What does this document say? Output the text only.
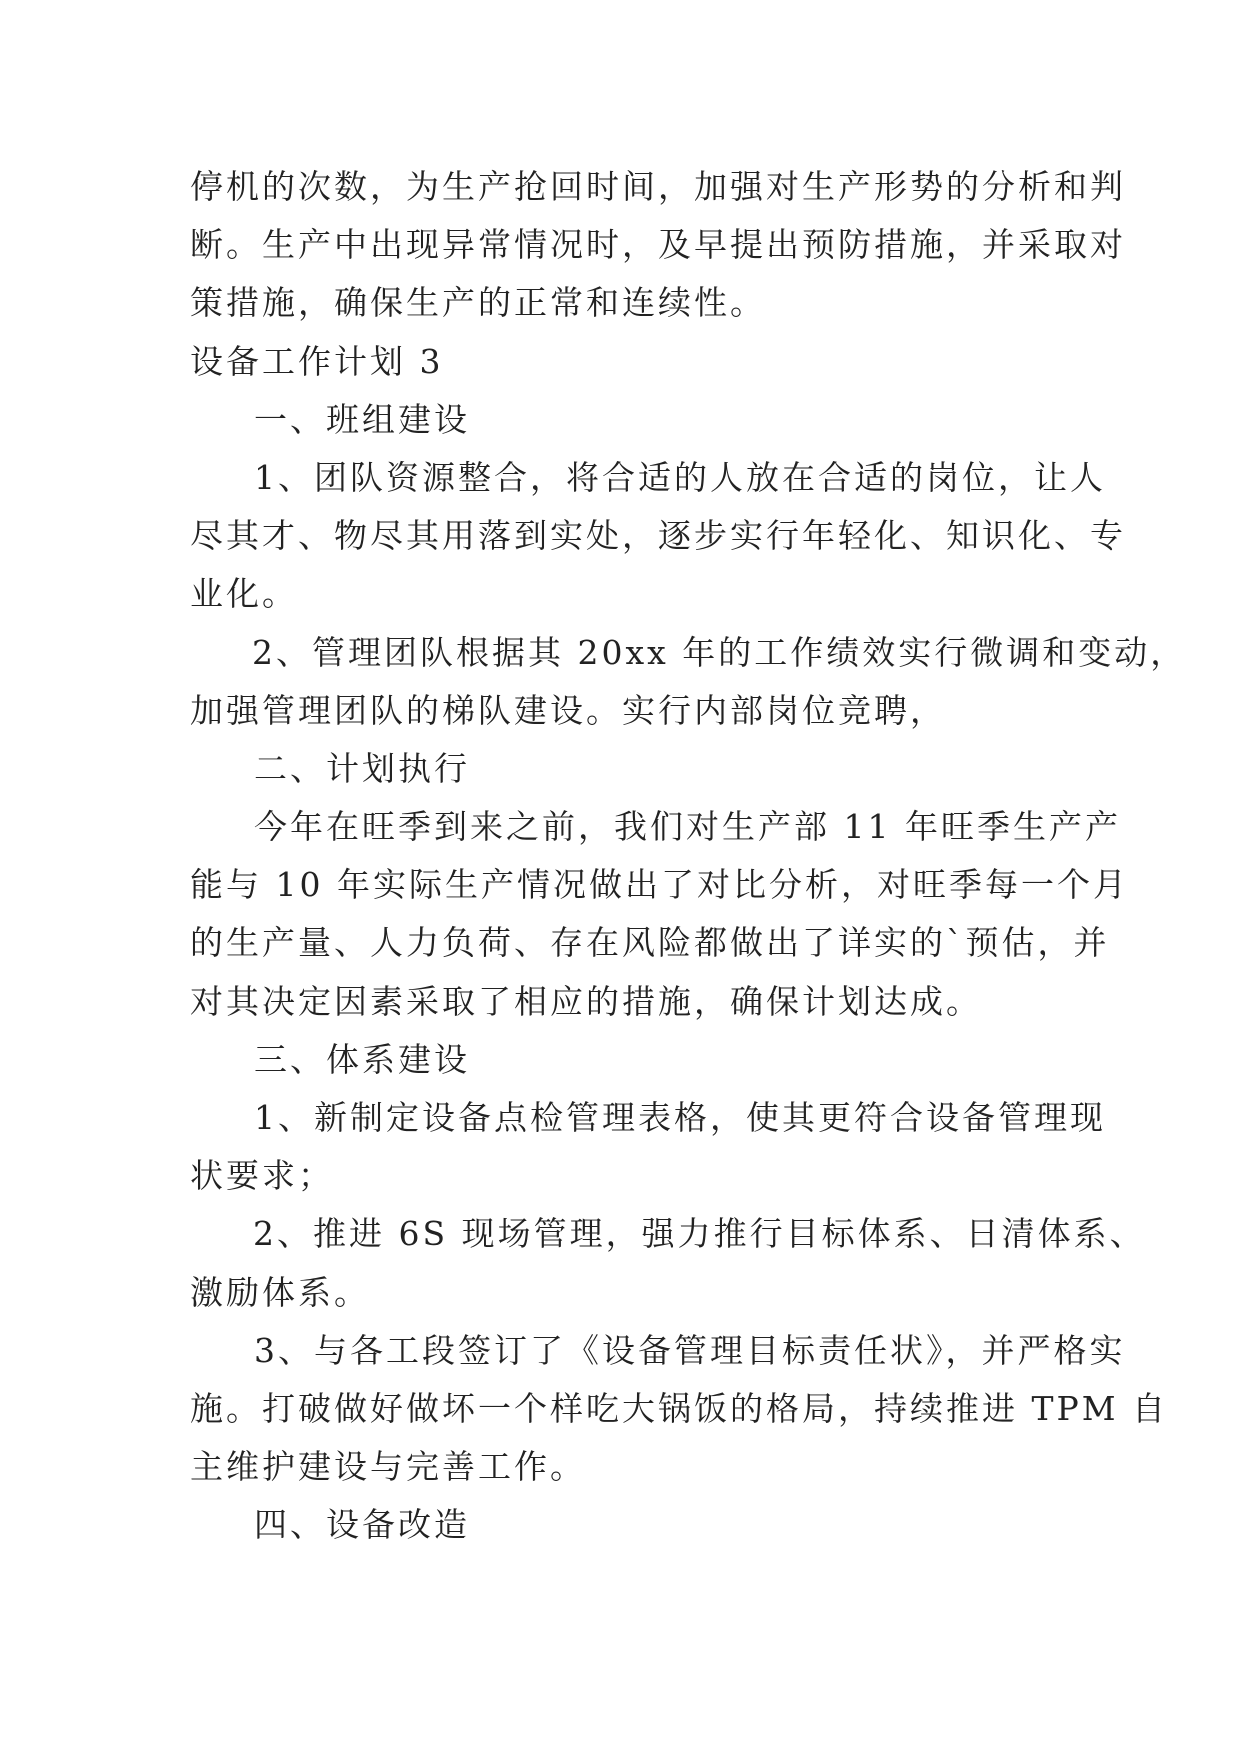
停机的次数，为生产抢回时间，加强对生产形势的分析和判
断。生产中出现异常情况时，及早提出预防措施，并采取对
策措施，确保生产的正常和连续性。
设备工作计划 3
一、班组建设
1、团队资源整合，将合适的人放在合适的岗位，让人
尽其才、物尽其用落到实处，逐步实行年轻化、知识化、专
业化。
2、管理团队根据其 20xx 年的工作绩效实行微调和变动，
加强管理团队的梯队建设。实行内部岗位竞聘，
二、计划执行
今年在旺季到来之前，我们对生产部 11 年旺季生产产
能与 10 年实际生产情况做出了对比分析，对旺季每一个月
的生产量、人力负荷、存在风险都做出了详实的`预估，并
对其决定因素采取了相应的措施，确保计划达成。
三、体系建设
1、新制定设备点检管理表格，使其更符合设备管理现
状要求；
2、推进 6S 现场管理，强力推行目标体系、日清体系、
激励体系。
3、与各工段签订了《设备管理目标责任状》，并严格实
施。打破做好做坏一个样吃大锅饭的格局，持续推进 TPM 自
主维护建设与完善工作。
四、设备改造
